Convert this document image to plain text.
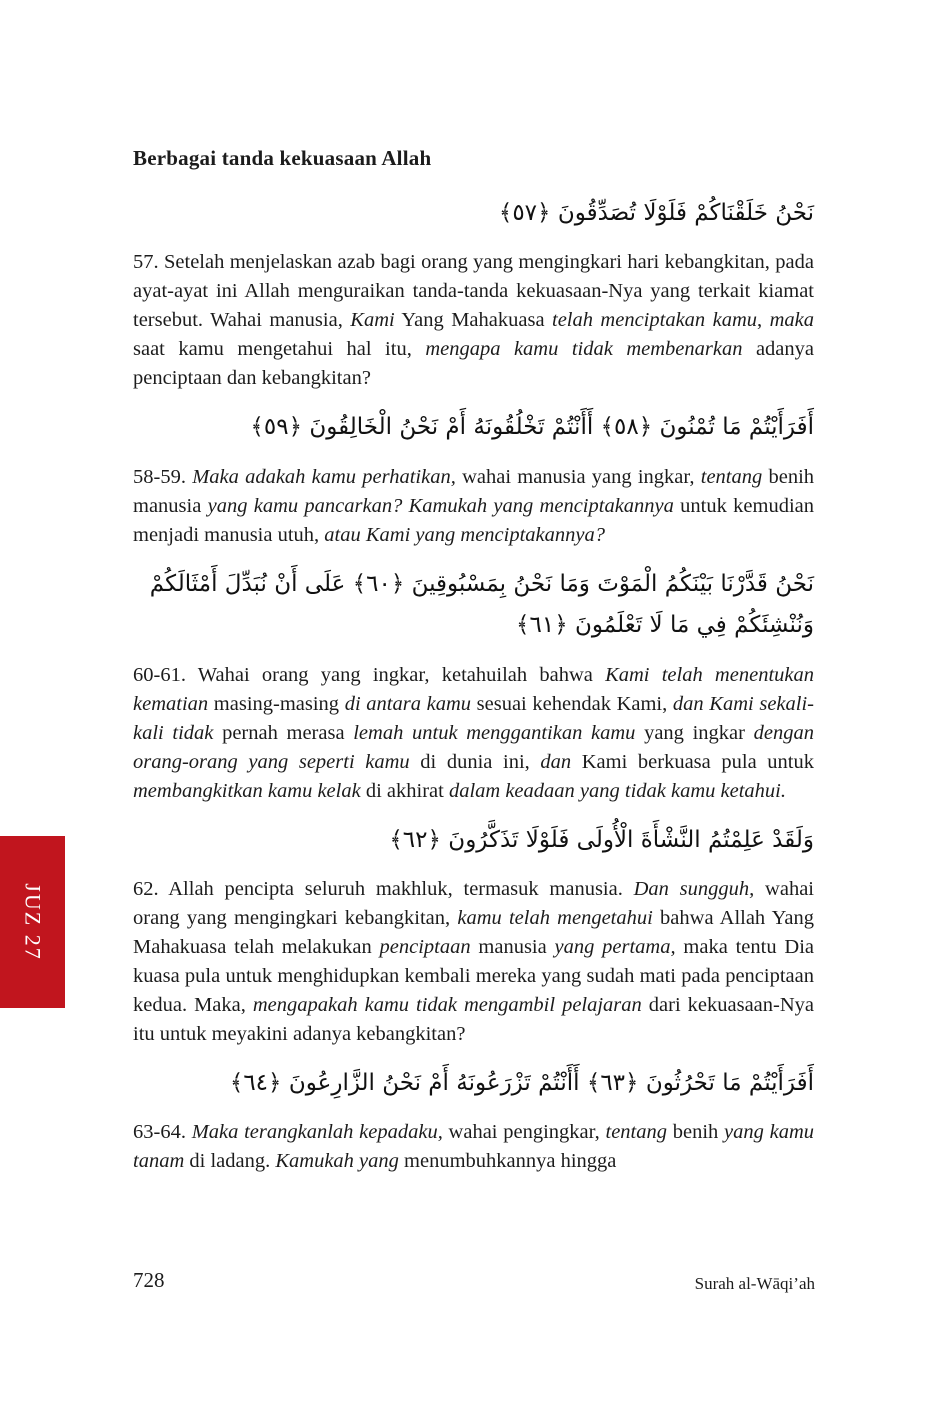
JUZ 27
Berbagai tanda kekuasaan Allah
نَحْنُ خَلَقْنَاكُمْ فَلَوْلَا تُصَدِّقُونَ ﴿٥٧﴾

57. Setelah menjelaskan azab bagi orang yang mengingkari hari kebangkitan, pada ayat-ayat ini Allah menguraikan tanda-tanda kekuasaan-Nya yang terkait kiamat tersebut. Wahai manusia, Kami Yang Mahakuasa telah menciptakan kamu, maka saat kamu mengetahui hal itu, mengapa kamu tidak membenarkan adanya penciptaan dan kebangkitan?

أَفَرَأَيْتُمْ مَا تُمْنُونَ ﴿٥٨﴾ أَأَنْتُمْ تَخْلُقُونَهُ أَمْ نَحْنُ الْخَالِقُونَ ﴿٥٩﴾

58-59. Maka adakah kamu perhatikan, wahai manusia yang ingkar, tentang benih manusia yang kamu pancarkan? Kamukah yang menciptakannya untuk kemudian menjadi manusia utuh, atau Kami yang menciptakannya?

نَحْنُ قَدَّرْنَا بَيْنَكُمُ الْمَوْتَ وَمَا نَحْنُ بِمَسْبُوقِينَ ﴿٦٠﴾ عَلَى أَنْ نُبَدِّلَ أَمْثَالَكُمْ وَنُنْشِئَكُمْ فِي مَا لَا تَعْلَمُونَ ﴿٦١﴾

60-61. Wahai orang yang ingkar, ketahuilah bahwa Kami telah menentukan kematian masing-masing di antara kamu sesuai kehendak Kami, dan Kami sekali-kali tidak pernah merasa lemah untuk menggantikan kamu yang ingkar dengan orang-orang yang seperti kamu di dunia ini, dan Kami berkuasa pula untuk membangkitkan kamu kelak di akhirat dalam keadaan yang tidak kamu ketahui.

وَلَقَدْ عَلِمْتُمُ النَّشْأَةَ الْأُولَى فَلَوْلَا تَذَكَّرُونَ ﴿٦٢﴾

62. Allah pencipta seluruh makhluk, termasuk manusia. Dan sungguh, wahai orang yang mengingkari kebangkitan, kamu telah mengetahui bahwa Allah Yang Mahakuasa telah melakukan penciptaan manusia yang pertama, maka tentu Dia kuasa pula untuk menghidupkan kembali mereka yang sudah mati pada penciptaan kedua. Maka, mengapakah kamu tidak mengambil pelajaran dari kekuasaan-Nya itu untuk meyakini adanya kebangkitan?

أَفَرَأَيْتُمْ مَا تَحْرُثُونَ ﴿٦٣﴾ أَأَنْتُمْ تَزْرَعُونَهُ أَمْ نَحْنُ الزَّارِعُونَ ﴿٦٤﴾

63-64. Maka terangkanlah kepadaku, wahai pengingkar, tentang benih yang kamu tanam di ladang. Kamukah yang menumbuhkannya hingga

728	Surah al-Wāqi’ah
